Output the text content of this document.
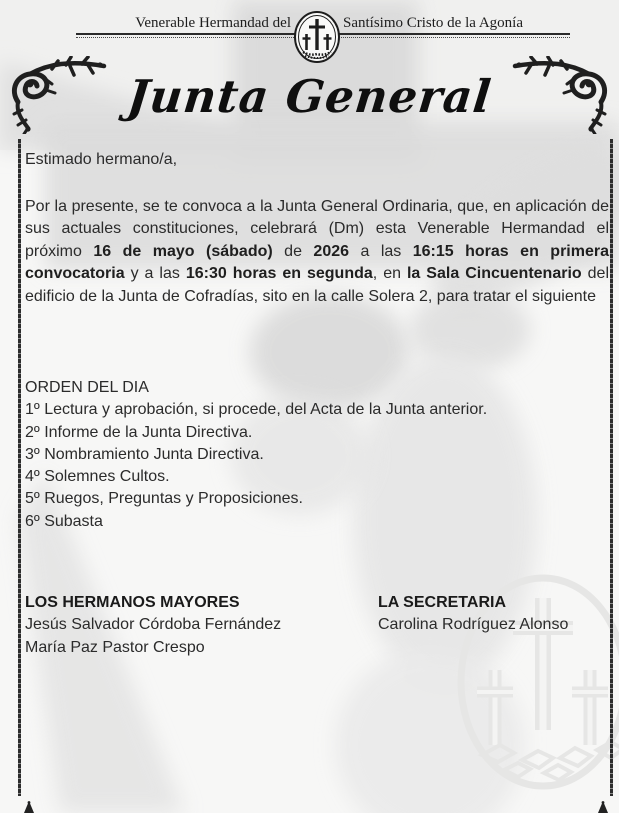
Venerable Hermandad del	Santísimo Cristo de la Agonía
Junta General
Estimado hermano/a,
Por la presente, se te convoca a la Junta General Ordinaria, que, en aplicación de sus actuales constituciones, celebrará (Dm) esta Venerable Hermandad el próximo 16 de mayo (sábado) de 2026 a las 16:15 horas en primera convocatoria y a las 16:30 horas en segunda, en la Sala Cincuentenario del edificio de la Junta de Cofradías, sito en la calle Solera 2, para tratar el siguiente
ORDEN DEL DIA
1º Lectura y aprobación, si procede, del Acta de la Junta anterior.
2º Informe de la Junta Directiva.
3º Nombramiento Junta Directiva.
4º Solemnes Cultos.
5º Ruegos, Preguntas y Proposiciones.
6º Subasta
LOS HERMANOS MAYORES
Jesús Salvador Córdoba Fernández
María Paz Pastor Crespo
LA SECRETARIA
Carolina Rodríguez Alonso
